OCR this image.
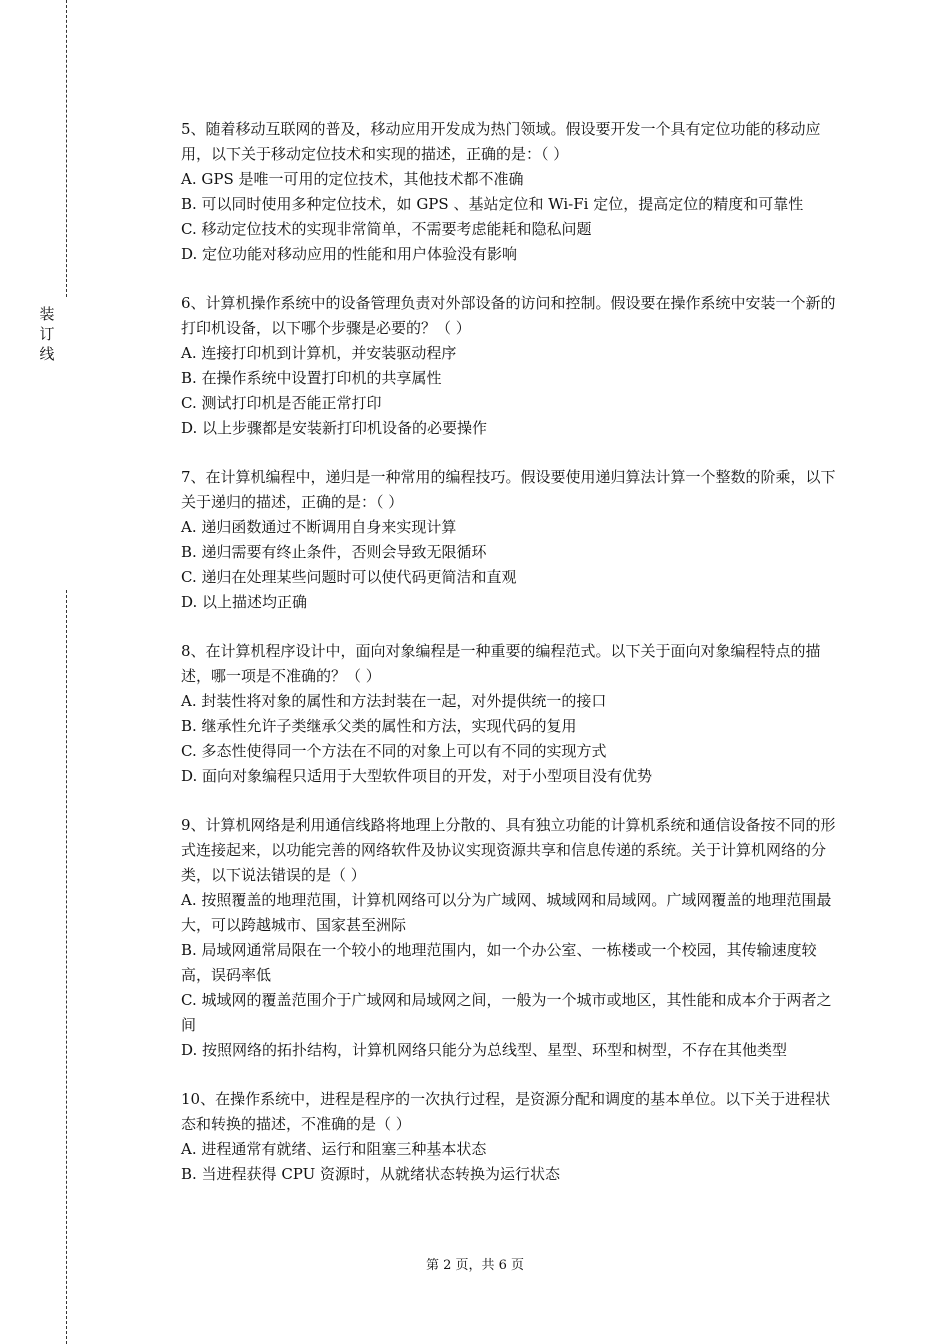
装
订
线

5、随着移动互联网的普及，移动应用开发成为热门领域。假设要开发一个具有定位功能的移动应用，以下关于移动定位技术和实现的描述，正确的是：（ ）

A. GPS 是唯一可用的定位技术，其他技术都不准确

B. 可以同时使用多种定位技术，如 GPS 、基站定位和 Wi-Fi 定位，提高定位的精度和可靠性

C. 移动定位技术的实现非常简单，不需要考虑能耗和隐私问题

D. 定位功能对移动应用的性能和用户体验没有影响

6、计算机操作系统中的设备管理负责对外部设备的访问和控制。假设要在操作系统中安装一个新的打印机设备，以下哪个步骤是必要的？（ ）

A. 连接打印机到计算机，并安装驱动程序

B. 在操作系统中设置打印机的共享属性

C. 测试打印机是否能正常打印

D. 以上步骤都是安装新打印机设备的必要操作

7、在计算机编程中，递归是一种常用的编程技巧。假设要使用递归算法计算一个整数的阶乘，以下关于递归的描述，正确的是：（ ）

A. 递归函数通过不断调用自身来实现计算

B. 递归需要有终止条件，否则会导致无限循环

C. 递归在处理某些问题时可以使代码更简洁和直观

D. 以上描述均正确

8、在计算机程序设计中，面向对象编程是一种重要的编程范式。以下关于面向对象编程特点的描述，哪一项是不准确的？（ ）

A. 封装性将对象的属性和方法封装在一起，对外提供统一的接口

B. 继承性允许子类继承父类的属性和方法，实现代码的复用

C. 多态性使得同一个方法在不同的对象上可以有不同的实现方式

D. 面向对象编程只适用于大型软件项目的开发，对于小型项目没有优势

9、计算机网络是利用通信线路将地理上分散的、具有独立功能的计算机系统和通信设备按不同的形式连接起来，以功能完善的网络软件及协议实现资源共享和信息传递的系统。关于计算机网络的分类，以下说法错误的是（ ）

A. 按照覆盖的地理范围，计算机网络可以分为广域网、城域网和局域网。广域网覆盖的地理范围最大，可以跨越城市、国家甚至洲际

B. 局域网通常局限在一个较小的地理范围内，如一个办公室、一栋楼或一个校园，其传输速度较高，误码率低

C. 城域网的覆盖范围介于广域网和局域网之间，一般为一个城市或地区，其性能和成本介于两者之间

D. 按照网络的拓扑结构，计算机网络只能分为总线型、星型、环型和树型，不存在其他类型

10、在操作系统中，进程是程序的一次执行过程，是资源分配和调度的基本单位。以下关于进程状态和转换的描述，不准确的是（ ）

A. 进程通常有就绪、运行和阻塞三种基本状态

B. 当进程获得 CPU 资源时，从就绪状态转换为运行状态

第 2 页，共 6 页
